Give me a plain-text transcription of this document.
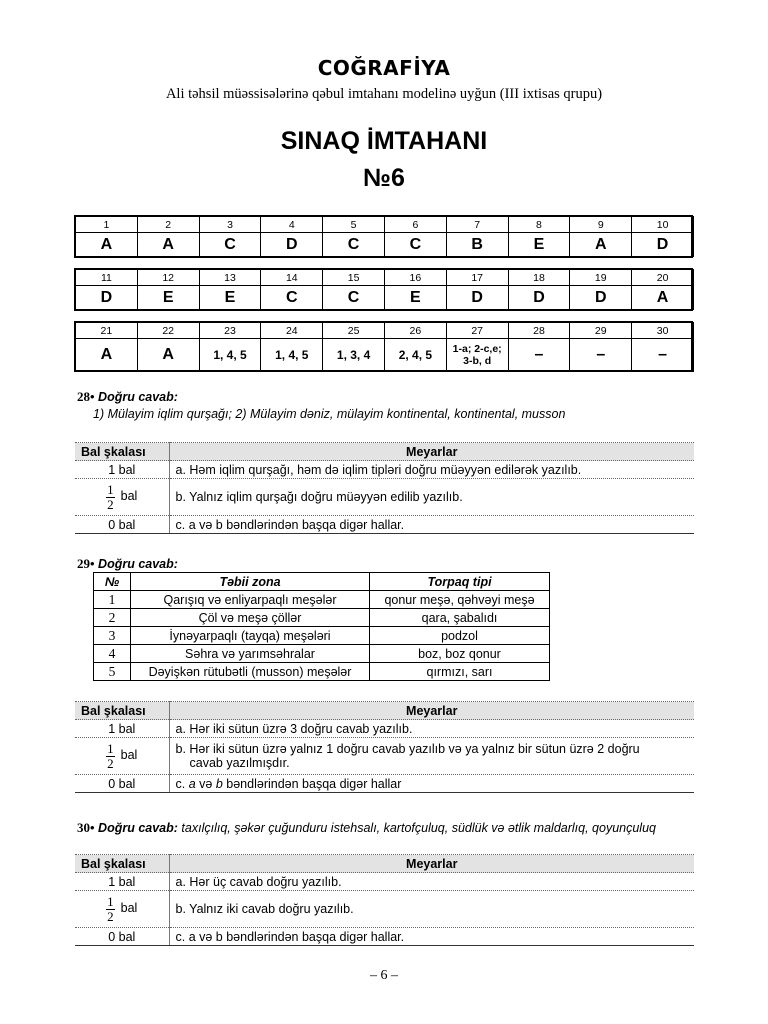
COĞRAFİYA
Ali təhsil müəssisələrinə qəbul imtahanı modelinə uyğun (III ixtisas qrupu)
SINAQ İMTAHANI
№6
1	2	3	4	5	6	7	8	9	10
A	A	C	D	C	C	B	E	A	D
11	12	13	14	15	16	17	18	19	20
D	E	E	C	C	E	D	D	D	A
21	22	23	24	25	26	27	28	29	30
A	A	1, 4, 5	1, 4, 5	1, 3, 4	2, 4, 5	1-a; 2-c,e;
3-b, d	–	–	–
28• Doğru cavab:
1) Mülayim iqlim qurşağı; 2) Mülayim dəniz, mülayim kontinental, kontinental, musson
Bal şkalası	Meyarlar
1 bal	a. Həm iqlim qurşağı, həm də iqlim tipləri doğru müəyyən edilərək yazılıb.

$\frac{1}{2}$ bal	b. Yalnız iqlim qurşağı doğru müəyyən edilib yazılıb.
0 bal	c. a və b bəndlərindən başqa digər hallar.
29• Doğru cavab:
№	Təbii zona	Torpaq tipi
1	Qarışıq və enliyarpaqlı meşələr	qonur meşə, qəhvəyi meşə
2	Çöl və meşə çöllər	qara, şabalıdı
3	İynəyarpaqlı (tayqa) meşələri	podzol
4	Səhra və yarımsəhralar	boz, boz qonur
5	Dəyişkən rütubətli (musson) meşələr	qırmızı, sarı
Bal şkalası	Meyarlar
1 bal	a. Hər iki sütun üzrə 3 doğru cavab yazılıb.

$\frac{1}{2}$ bal	b. Hər iki sütun üzrə yalnız 1 doğru cavab yazılıb və ya yalnız bir sütun üzrə 2 doğru
cavab yazılmışdır.

0 bal	c. a və b bəndlərindən başqa digər hallar
30• Doğru cavab: taxılçılıq, şəkər çuğunduru istehsalı, kartofçuluq, südlük və ətlik maldarlıq, qoyunçuluq
Bal şkalası	Meyarlar
1 bal	a. Hər üç cavab doğru yazılıb.

$\frac{1}{2}$ bal	b. Yalnız iki cavab doğru yazılıb.
0 bal	c. a və b bəndlərindən başqa digər hallar.
– 6 –
